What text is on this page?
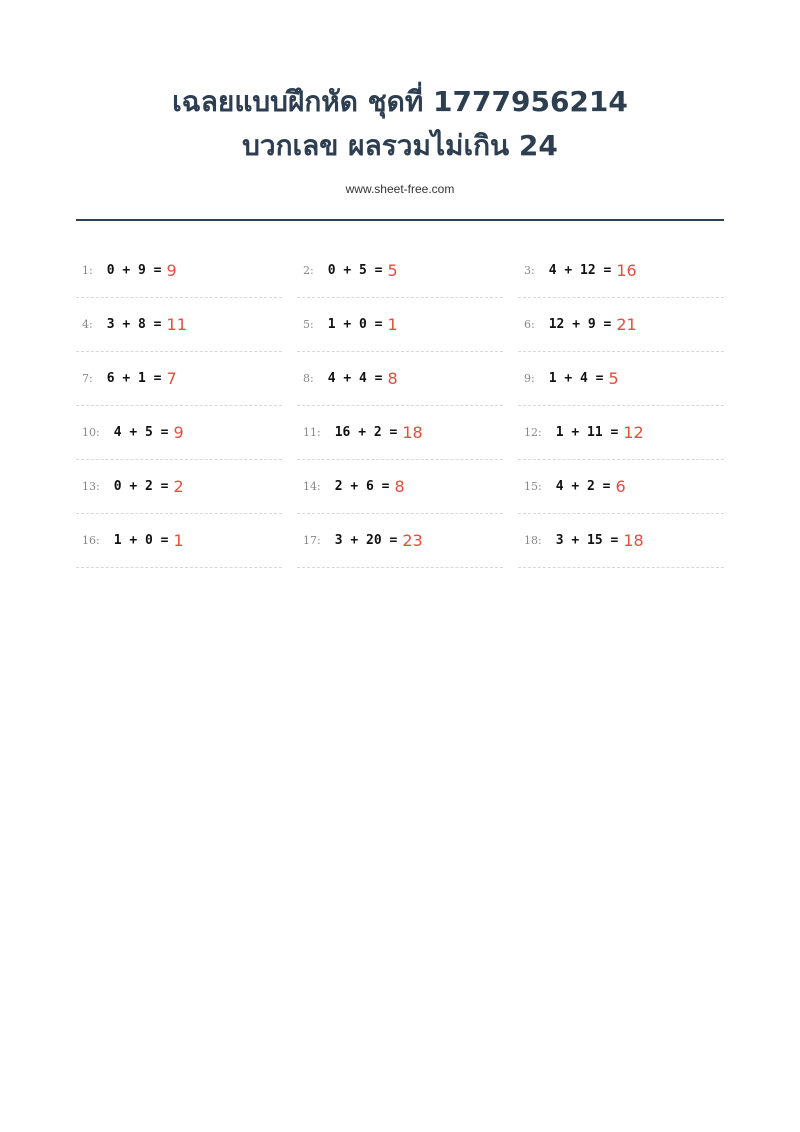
เฉลยแบบฝึกหัด ชุดที่ 1777956214
บวกเลข ผลรวมไม่เกิน 24
www.sheet-free.com
1: 0 + 9 = 9	2: 0 + 5 = 5	3: 4 + 12 = 16
4: 3 + 8 = 11	5: 1 + 0 = 1	6: 12 + 9 = 21
7: 6 + 1 = 7	8: 4 + 4 = 8	9: 1 + 4 = 5
10: 4 + 5 = 9	11: 16 + 2 = 18	12: 1 + 11 = 12
13: 0 + 2 = 2	14: 2 + 6 = 8	15: 4 + 2 = 6
16: 1 + 0 = 1	17: 3 + 20 = 23	18: 3 + 15 = 18
